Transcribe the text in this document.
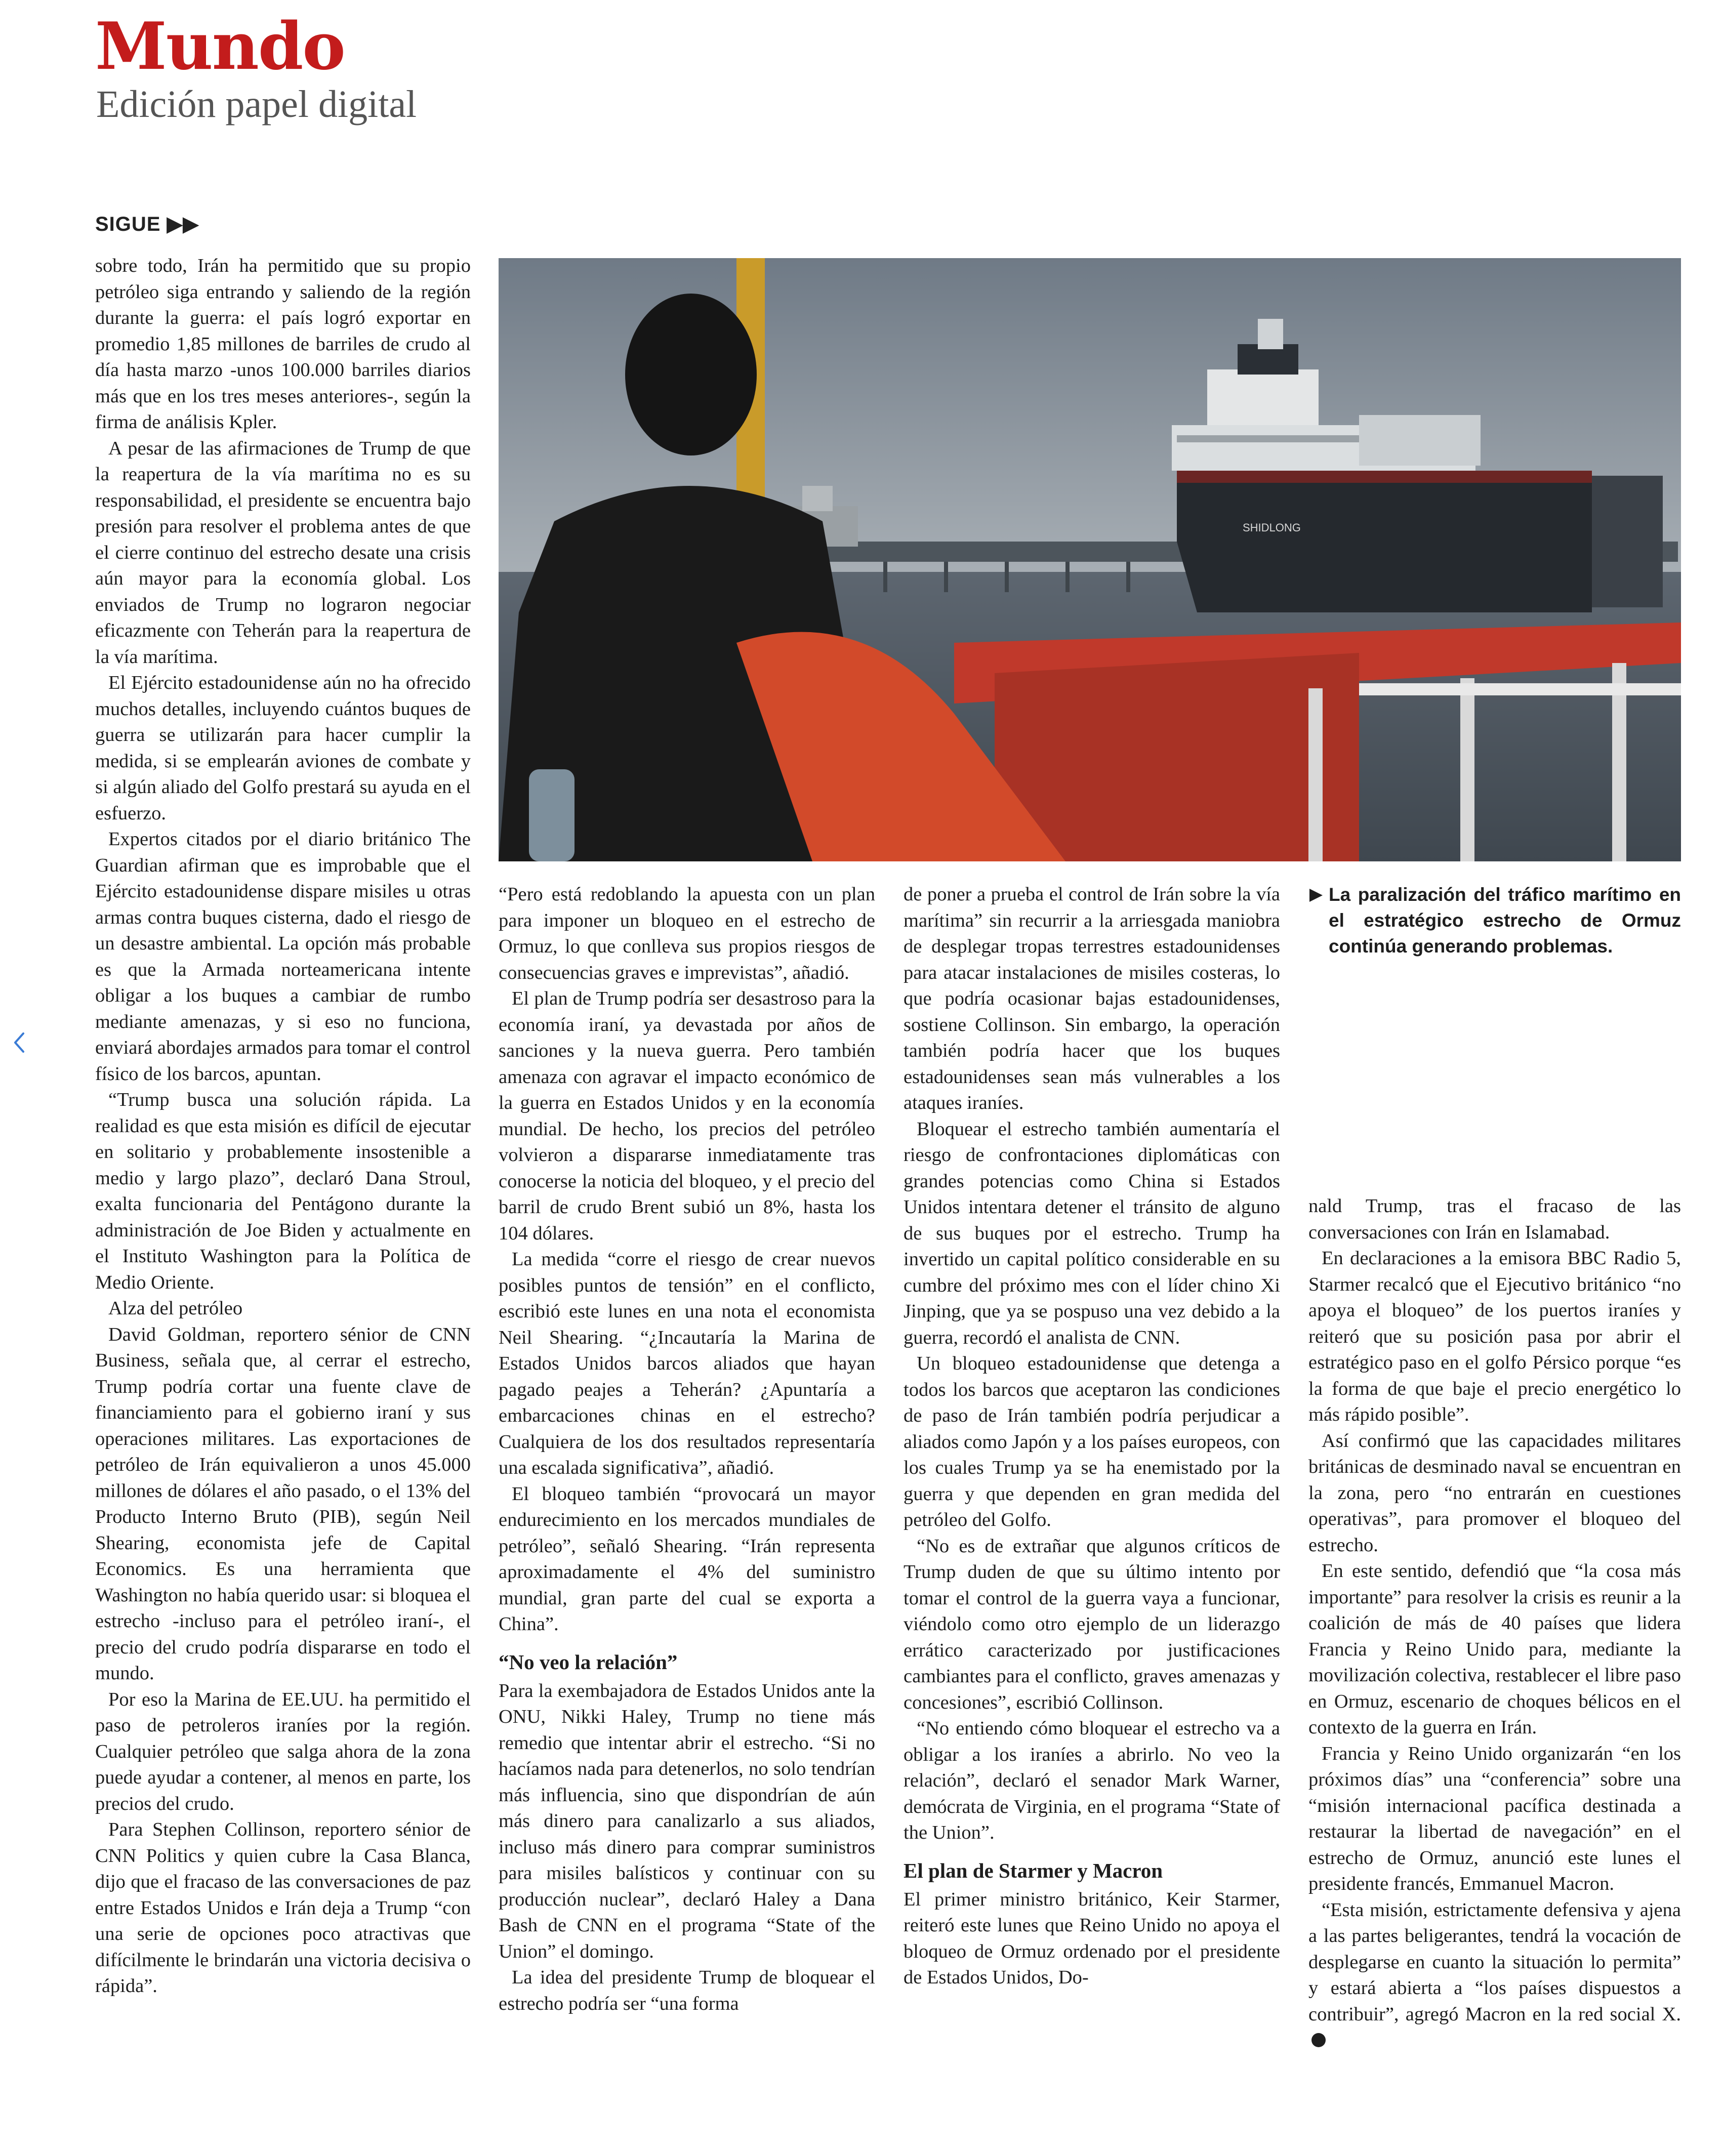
Mundo
Edición papel digital
SIGUE ▶▶

sobre todo, Irán ha permitido que su propio petróleo siga entrando y saliendo de la región durante la guerra: el país logró exportar en promedio 1,85 millones de barriles de crudo al día hasta marzo -unos 100.000 barriles diarios más que en los tres meses anteriores-, según la firma de análisis Kpler.

A pesar de las afirmaciones de Trump de que la reapertura de la vía marítima no es su responsabilidad, el presidente se encuentra bajo presión para resolver el problema antes de que el cierre continuo del estrecho desate una crisis aún mayor para la economía global. Los enviados de Trump no lograron negociar eficazmente con Teherán para la reapertura de la vía marítima.

El Ejército estadounidense aún no ha ofrecido muchos detalles, incluyendo cuántos buques de guerra se utilizarán para hacer cumplir la medida, si se emplearán aviones de combate y si algún aliado del Golfo prestará su ayuda en el esfuerzo.

Expertos citados por el diario británico The Guardian afirman que es improbable que el Ejército estadounidense dispare misiles u otras armas contra buques cisterna, dado el riesgo de un desastre ambiental. La opción más probable es que la Armada norteamericana intente obligar a los buques a cambiar de rumbo mediante amenazas, y si eso no funciona, enviará abordajes armados para tomar el control físico de los barcos, apuntan.

“Trump busca una solución rápida. La realidad es que esta misión es difícil de ejecutar en solitario y probablemente insostenible a medio y largo plazo”, declaró Dana Stroul, exalta funcionaria del Pentágono durante la administración de Joe Biden y actualmente en el Instituto Washington para la Política de Medio Oriente.

Alza del petróleo

David Goldman, reportero sénior de CNN Business, señala que, al cerrar el estrecho, Trump podría cortar una fuente clave de financiamiento para el gobierno iraní y sus operaciones militares. Las exportaciones de petróleo de Irán equivalieron a unos 45.000 millones de dólares el año pasado, o el 13% del Producto Interno Bruto (PIB), según Neil Shearing, economista jefe de Capital Economics. Es una herramienta que Washington no había querido usar: si bloquea el estrecho -incluso para el petróleo iraní-, el precio del crudo podría dispararse en todo el mundo.

Por eso la Marina de EE.UU. ha permitido el paso de petroleros iraníes por la región. Cualquier petróleo que salga ahora de la zona puede ayudar a contener, al menos en parte, los precios del crudo.

Para Stephen Collinson, reportero sénior de CNN Politics y quien cubre la Casa Blanca, dijo que el fracaso de las conversaciones de paz entre Estados Unidos e Irán deja a Trump “con una serie de opciones poco atractivas que difícilmente le brindarán una victoria decisiva o rápida”.

SHIDLONG

“Pero está redoblando la apuesta con un plan para imponer un bloqueo en el estrecho de Ormuz, lo que conlleva sus propios riesgos de consecuencias graves e imprevistas”, añadió.

El plan de Trump podría ser desastroso para la economía iraní, ya devastada por años de sanciones y la nueva guerra. Pero también amenaza con agravar el impacto económico de la guerra en Estados Unidos y en la economía mundial. De hecho, los precios del petróleo volvieron a dispararse inmediatamente tras conocerse la noticia del bloqueo, y el precio del barril de crudo Brent subió un 8%, hasta los 104 dólares.

La medida “corre el riesgo de crear nuevos posibles puntos de tensión” en el conflicto, escribió este lunes en una nota el economista Neil Shearing. “¿Incautaría la Marina de Estados Unidos barcos aliados que hayan pagado peajes a Teherán? ¿Apuntaría a embarcaciones chinas en el estrecho? Cualquiera de los dos resultados representaría una escalada significativa”, añadió.

El bloqueo también “provocará un mayor endurecimiento en los mercados mundiales de petróleo”, señaló Shearing. “Irán representa aproximadamente el 4% del suministro mundial, gran parte del cual se exporta a China”.

“No veo la relación”

Para la exembajadora de Estados Unidos ante la ONU, Nikki Haley, Trump no tiene más remedio que intentar abrir el estrecho. “Si no hacíamos nada para detenerlos, no solo tendrían más influencia, sino que dispondrían de aún más dinero para canalizarlo a sus aliados, incluso más dinero para comprar suministros para misiles balísticos y continuar con su producción nuclear”, declaró Haley a Dana Bash de CNN en el programa “State of the Union” el domingo.

La idea del presidente Trump de bloquear el estrecho podría ser “una forma

de poner a prueba el control de Irán sobre la vía marítima” sin recurrir a la arriesgada maniobra de desplegar tropas terrestres estadounidenses para atacar instalaciones de misiles costeras, lo que podría ocasionar bajas estadounidenses, sostiene Collinson. Sin embargo, la operación también podría hacer que los buques estadounidenses sean más vulnerables a los ataques iraníes.

Bloquear el estrecho también aumentaría el riesgo de confrontaciones diplomáticas con grandes potencias como China si Estados Unidos intentara detener el tránsito de alguno de sus buques por el estrecho. Trump ha invertido un capital político considerable en su cumbre del próximo mes con el líder chino Xi Jinping, que ya se pospuso una vez debido a la guerra, recordó el analista de CNN.

Un bloqueo estadounidense que detenga a todos los barcos que aceptaron las condiciones de paso de Irán también podría perjudicar a aliados como Japón y a los países europeos, con los cuales Trump ya se ha enemistado por la guerra y que dependen en gran medida del petróleo del Golfo.

“No es de extrañar que algunos críticos de Trump duden de que su último intento por tomar el control de la guerra vaya a funcionar, viéndolo como otro ejemplo de un liderazgo errático caracterizado por justificaciones cambiantes para el conflicto, graves amenazas y concesiones”, escribió Collinson.

“No entiendo cómo bloquear el estrecho va a obligar a los iraníes a abrirlo. No veo la relación”, declaró el senador Mark Warner, demócrata de Virginia, en el programa “State of the Union”.

El plan de Starmer y Macron

El primer ministro británico, Keir Starmer, reiteró este lunes que Reino Unido no apoya el bloqueo de Ormuz ordenado por el presidente de Estados Unidos, Do-

La paralización del tráfico marítimo en el estratégico estrecho de Ormuz continúa generando problemas.

nald Trump, tras el fracaso de las conversaciones con Irán en Islamabad.

En declaraciones a la emisora BBC Radio 5, Starmer recalcó que el Ejecutivo británico “no apoya el bloqueo” de los puertos iraníes y reiteró que su posición pasa por abrir el estratégico paso en el golfo Pérsico porque “es la forma de que baje el precio energético lo más rápido posible”.

Así confirmó que las capacidades militares británicas de desminado naval se encuentran en la zona, pero “no entrarán en cuestiones operativas”, para promover el bloqueo del estrecho.

En este sentido, defendió que “la cosa más importante” para resolver la crisis es reunir a la coalición de más de 40 países que lidera Francia y Reino Unido para, mediante la movilización colectiva, restablecer el libre paso en Ormuz, escenario de choques bélicos en el contexto de la guerra en Irán.

Francia y Reino Unido organizarán “en los próximos días” una “conferencia” sobre una “misión internacional pacífica destinada a restaurar la libertad de navegación” en el estrecho de Ormuz, anunció este lunes el presidente francés, Emmanuel Macron.

“Esta misión, estrictamente defensiva y ajena a las partes beligerantes, tendrá la vocación de desplegarse en cuanto la situación lo permita” y estará abierta a “los países dispuestos a contribuir”, agregó Macron en la red social X.
